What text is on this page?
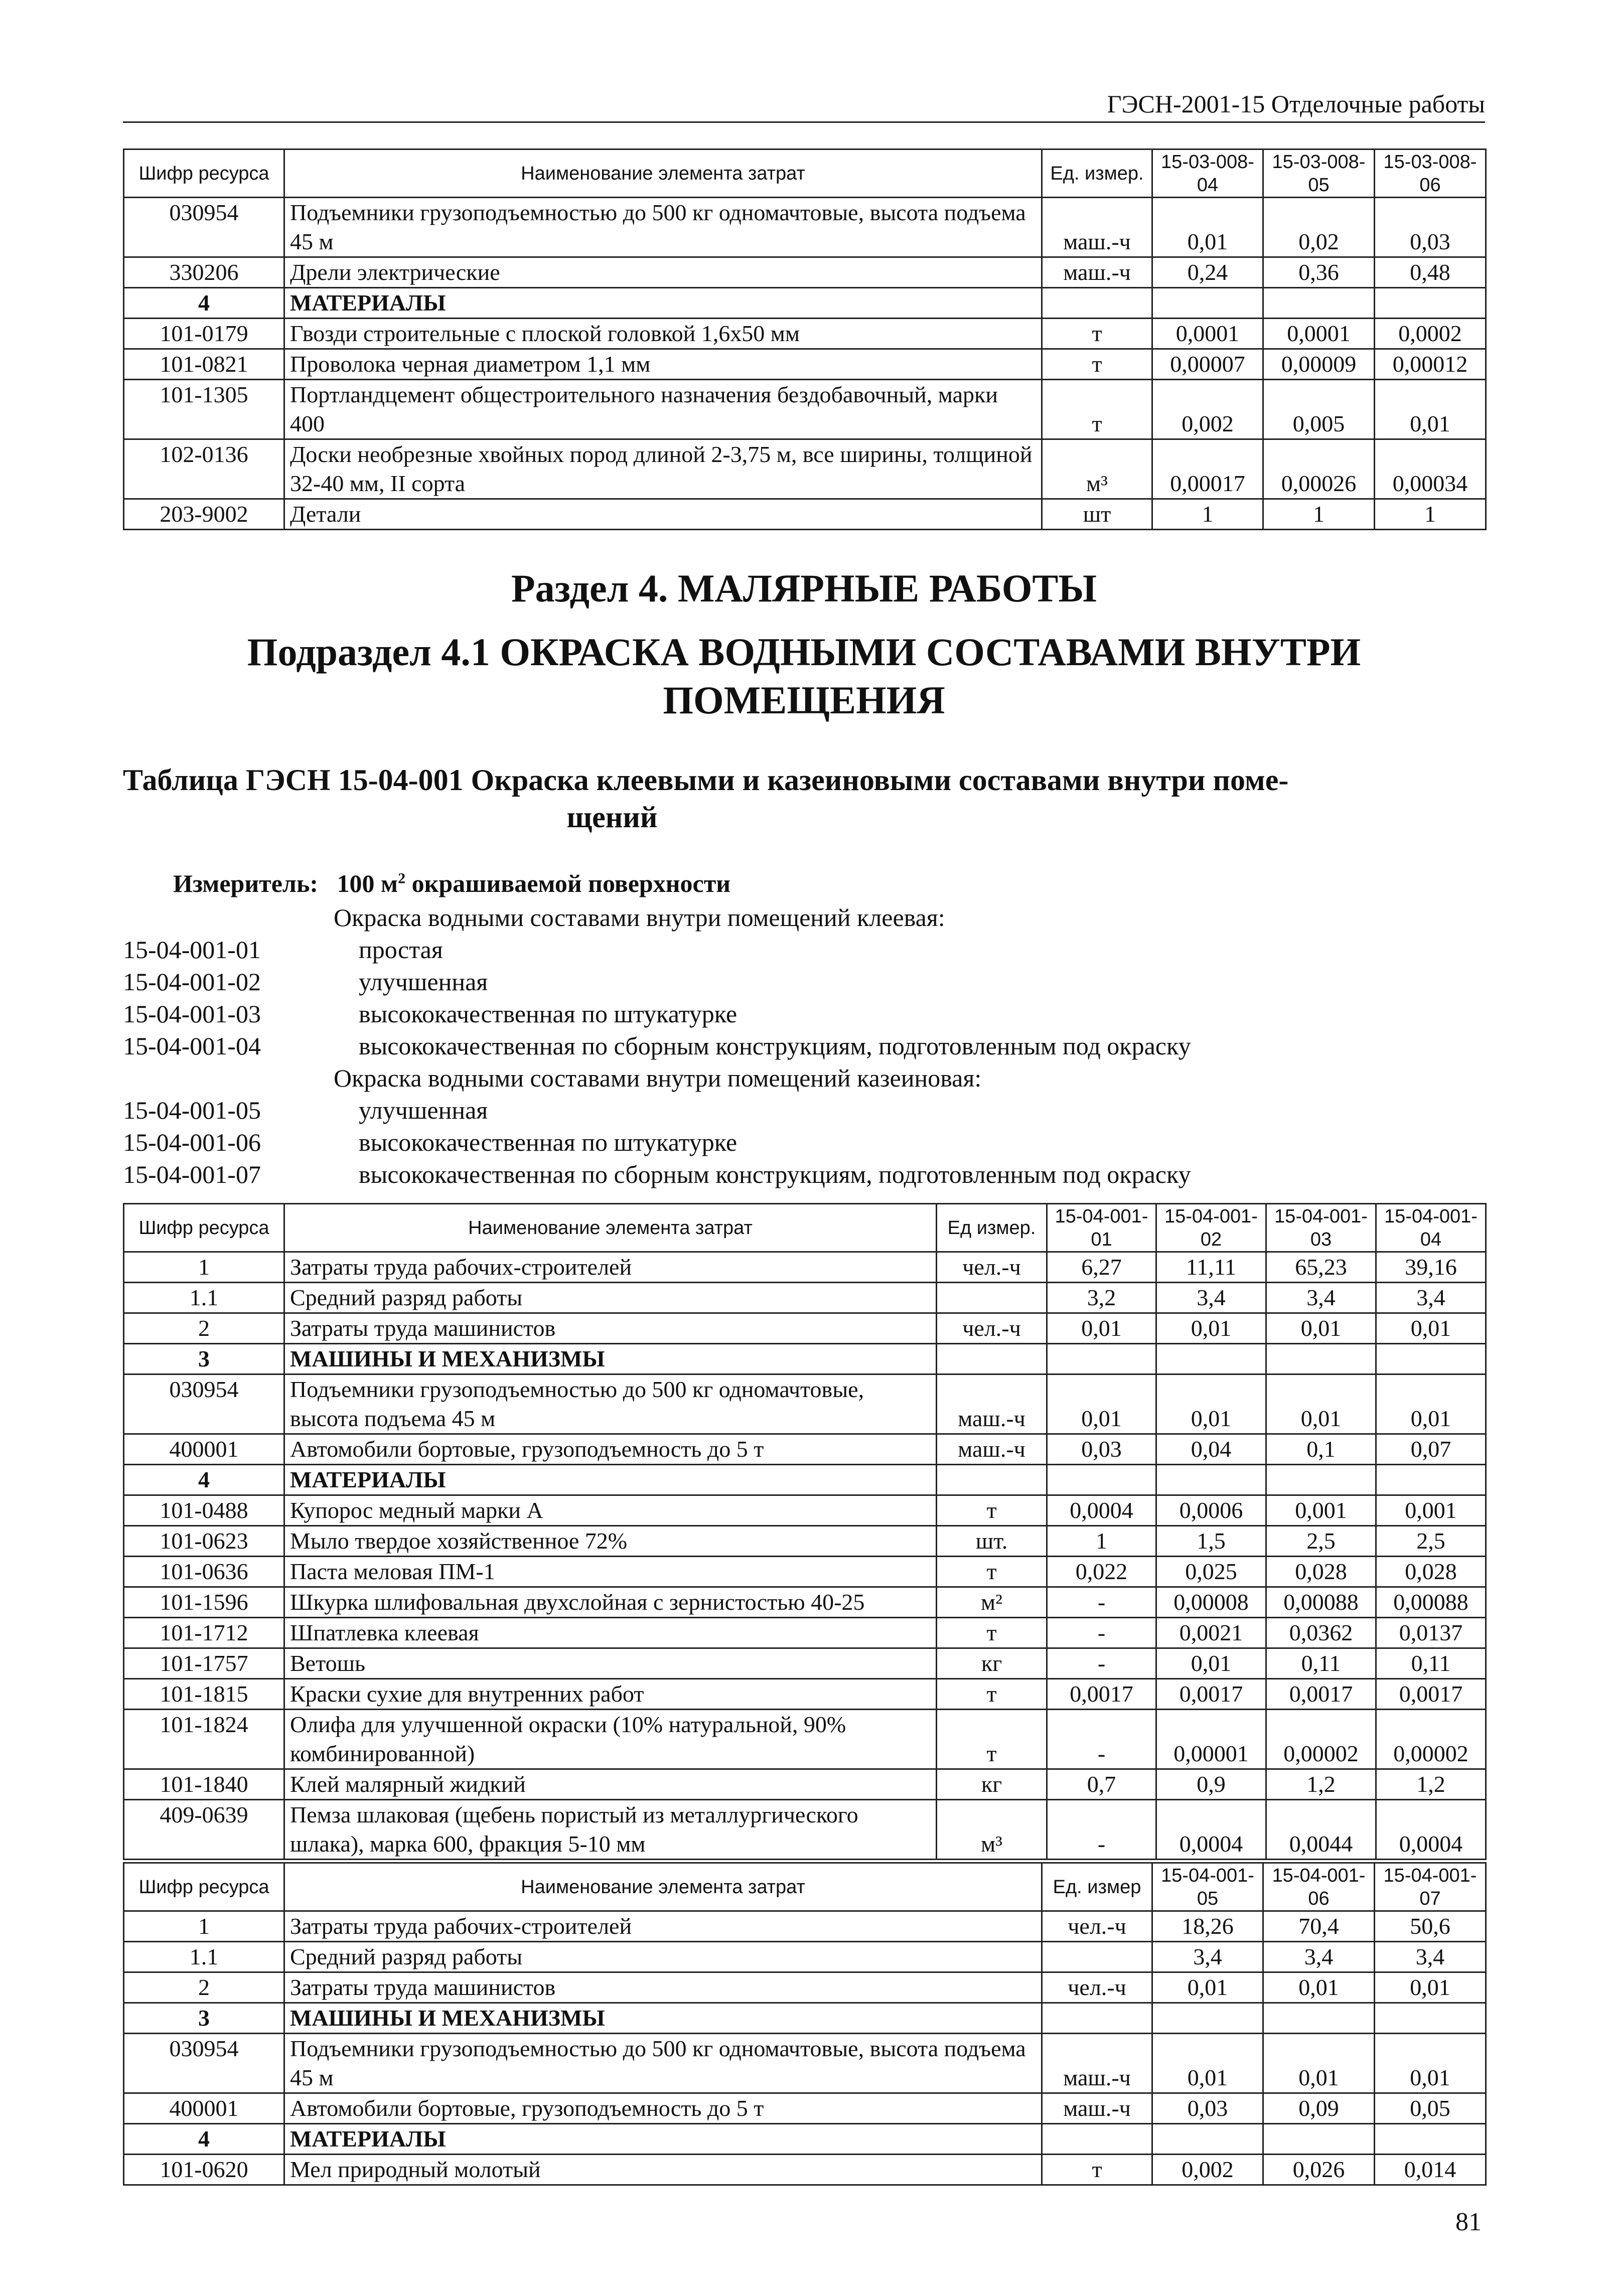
ГЭСН-2001-15 Отделочные работы
Шифр ресурса	Наименование элемента затрат	Ед. измер.	15-03-008-04	15-03-008-05	15-03-008-06
030954	Подъемники грузоподъемностью до 500 кг одномачтовые, высота подъема 45 м	маш.-ч	0,01	0,02	0,03
330206	Дрели электрические	маш.-ч	0,24	0,36	0,48
4	МАТЕРИАЛЫ				
101-0179	Гвозди строительные с плоской головкой 1,6х50 мм	т	0,0001	0,0001	0,0002
101-0821	Проволока черная диаметром 1,1 мм	т	0,00007	0,00009	0,00012
101-1305	Портландцемент общестроительного назначения бездобавочный, марки 400	т	0,002	0,005	0,01
102-0136	Доски необрезные хвойных пород длиной 2-3,75 м, все ширины, толщиной 32-40 мм, II сорта	м³	0,00017	0,00026	0,00034
203-9002	Детали	шт	1	1	1
Раздел 4. МАЛЯРНЫЕ РАБОТЫ
Подраздел 4.1 ОКРАСКА ВОДНЫМИ СОСТАВАМИ ВНУТРИ
ПОМЕЩЕНИЯ
Таблица ГЭСН 15-04-001 Окраска клеевыми и казеиновыми составами внутри поме-
щений
Измеритель: 100 $м^2$ окрашиваемой поверхности
Окраска водными составами внутри помещений клеевая:
15-04-001-01	простая
15-04-001-02	улучшенная
15-04-001-03	высококачественная по штукатурке
15-04-001-04	высококачественная по сборным конструкциям, подготовленным под окраску
Окраска водными составами внутри помещений казеиновая:
15-04-001-05	улучшенная
15-04-001-06	высококачественная по штукатурке
15-04-001-07	высококачественная по сборным конструкциям, подготовленным под окраску
Шифр ресурса	Наименование элемента затрат	Ед измер.	15-04-001-01	15-04-001-02	15-04-001-03	15-04-001-04
1	Затраты труда рабочих-строителей	чел.-ч	6,27	11,11	65,23	39,16
1.1	Средний разряд работы		3,2	3,4	3,4	3,4
2	Затраты труда машинистов	чел.-ч	0,01	0,01	0,01	0,01
3	МАШИНЫ И МЕХАНИЗМЫ					
030954	Подъемники грузоподъемностью до 500 кг одномачтовые, высота подъема 45 м	маш.-ч	0,01	0,01	0,01	0,01
400001	Автомобили бортовые, грузоподъемность до 5 т	маш.-ч	0,03	0,04	0,1	0,07
4	МАТЕРИАЛЫ					
101-0488	Купорос медный марки А	т	0,0004	0,0006	0,001	0,001
101-0623	Мыло твердое хозяйственное 72%	шт.	1	1,5	2,5	2,5
101-0636	Паста меловая ПМ-1	т	0,022	0,025	0,028	0,028
101-1596	Шкурка шлифовальная двухслойная с зернистостью 40-25	м²	-	0,00008	0,00088	0,00088
101-1712	Шпатлевка клеевая	т	-	0,0021	0,0362	0,0137
101-1757	Ветошь	кг	-	0,01	0,11	0,11
101-1815	Краски сухие для внутренних работ	т	0,0017	0,0017	0,0017	0,0017
101-1824	Олифа для улучшенной окраски (10% натуральной, 90% комбинированной)	т	-	0,00001	0,00002	0,00002
101-1840	Клей малярный жидкий	кг	0,7	0,9	1,2	1,2
409-0639	Пемза шлаковая (щебень пористый из металлургического шлака), марка 600, фракция 5-10 мм	м³	-	0,0004	0,0044	0,0004
Шифр ресурса	Наименование элемента затрат	Ед. измер	15-04-001-05	15-04-001-06	15-04-001-07
1	Затраты труда рабочих-строителей	чел.-ч	18,26	70,4	50,6
1.1	Средний разряд работы		3,4	3,4	3,4
2	Затраты труда машинистов	чел.-ч	0,01	0,01	0,01
3	МАШИНЫ И МЕХАНИЗМЫ				
030954	Подъемники грузоподъемностью до 500 кг одномачтовые, высота подъема 45 м	маш.-ч	0,01	0,01	0,01
400001	Автомобили бортовые, грузоподъемность до 5 т	маш.-ч	0,03	0,09	0,05
4	МАТЕРИАЛЫ				
101-0620	Мел природный молотый	т	0,002	0,026	0,014
81
